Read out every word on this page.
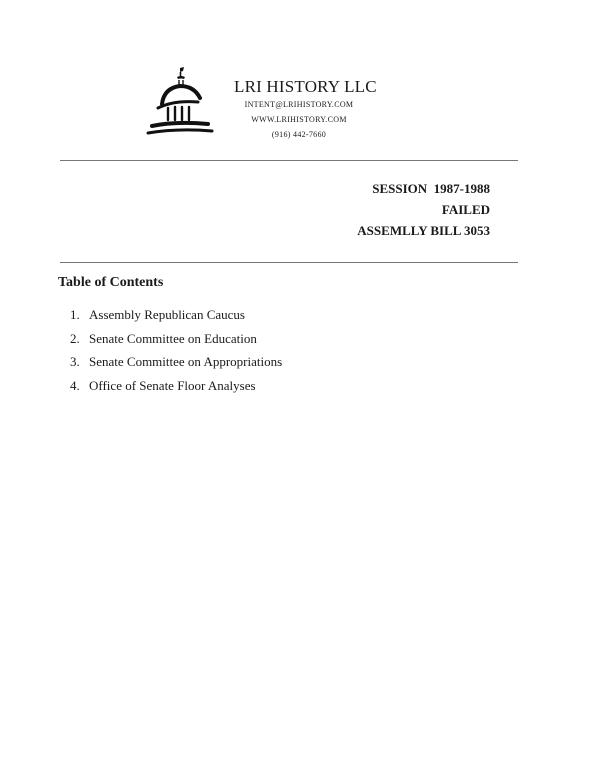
LRI HISTORY LLC
INTENT@LRIHISTORY.COM
WWW.LRIHISTORY.COM
(916) 442-7660
SESSION  1987-1988
FAILED
ASSEMLLY BILL 3053
Table of Contents
1. Assembly Republican Caucus
2. Senate Committee on Education
3. Senate Committee on Appropriations
4. Office of Senate Floor Analyses
